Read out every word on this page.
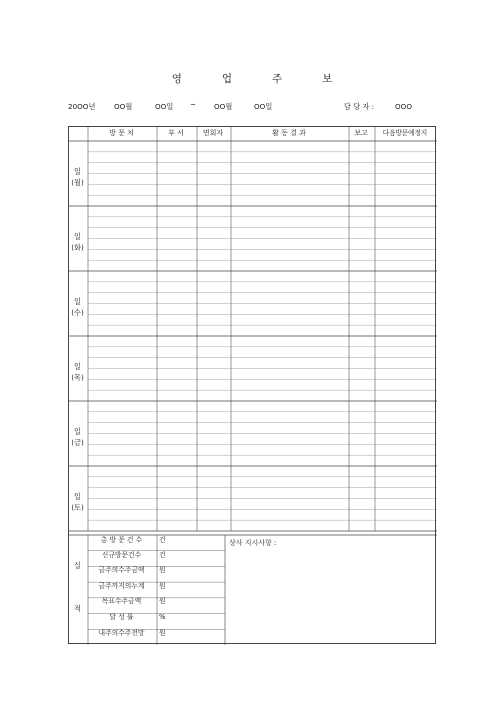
영	업	주	보
20OO년	OO월	OO일 ~ OO월	OO일	담 당 자 :	OOO
방 문 처	부 서	면회자	활 동 결 과	보고	다음방문예정지
일
(월)
일
(화)
일
(수)
일
(목)
일
(금)
일
(토)
실
적
총 방 문 건 수	건
신규방문건수	건
금주의수주금액	원
금주까지의누계	원
목표수주금액	원
달 성 률	%
내주의수주전망	원
상사 지시사항 :
